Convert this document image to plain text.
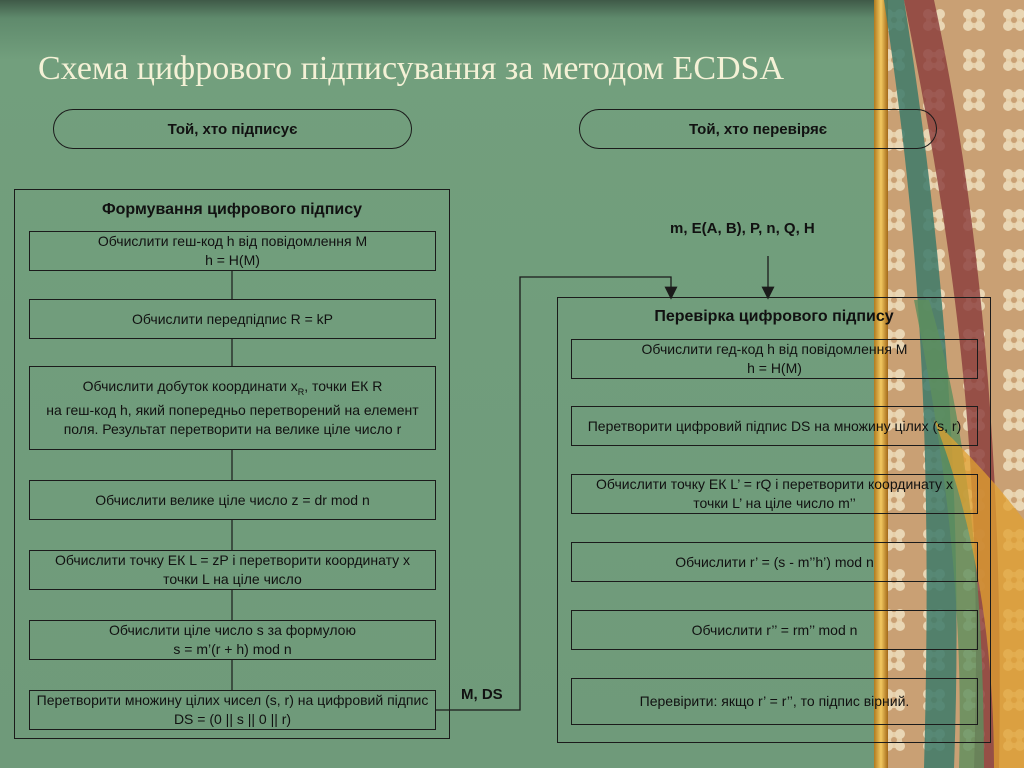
Схема цифрового підписування за методом ECDSA
Той, хто підписує	Той, хто перевіряє
Формування цифрового підпису
Обчислити геш-код h від повідомлення M
h = H(M)
Обчислити передпідпис R = kP
Обчислити добуток координати $x_R$, точки ЕК R
на геш-код h, який попередньо перетворений на елемент поля. Результат перетворити на велике ціле число r
Обчислити велике ціле число z = dr mod n
Обчислити точку ЕК L = zP і перетворити координату x точки L на ціле число
Обчислити ціле число s за формулою
s = m’(r + h) mod n
Перетворити множину цілих чисел (s, r) на цифровий підпис DS = (0 || s || 0 || r)
M, DS
m, E(A, B), P, n, Q, H
Перевірка цифрового підпису
Обчислити гед-код h від повідомлення M
h = H(M)
Перетворити цифровий підпис DS на множину цілих (s, r)
Обчислити точку ЕК L’ = rQ і перетворити координату x точки L’ на ціле число m’’
Обчислити r’ = (s - m’’h’) mod n
Обчислити r’’ = rm’’ mod n
Перевірити: якщо r’ = r’’, то підпис вірний.
